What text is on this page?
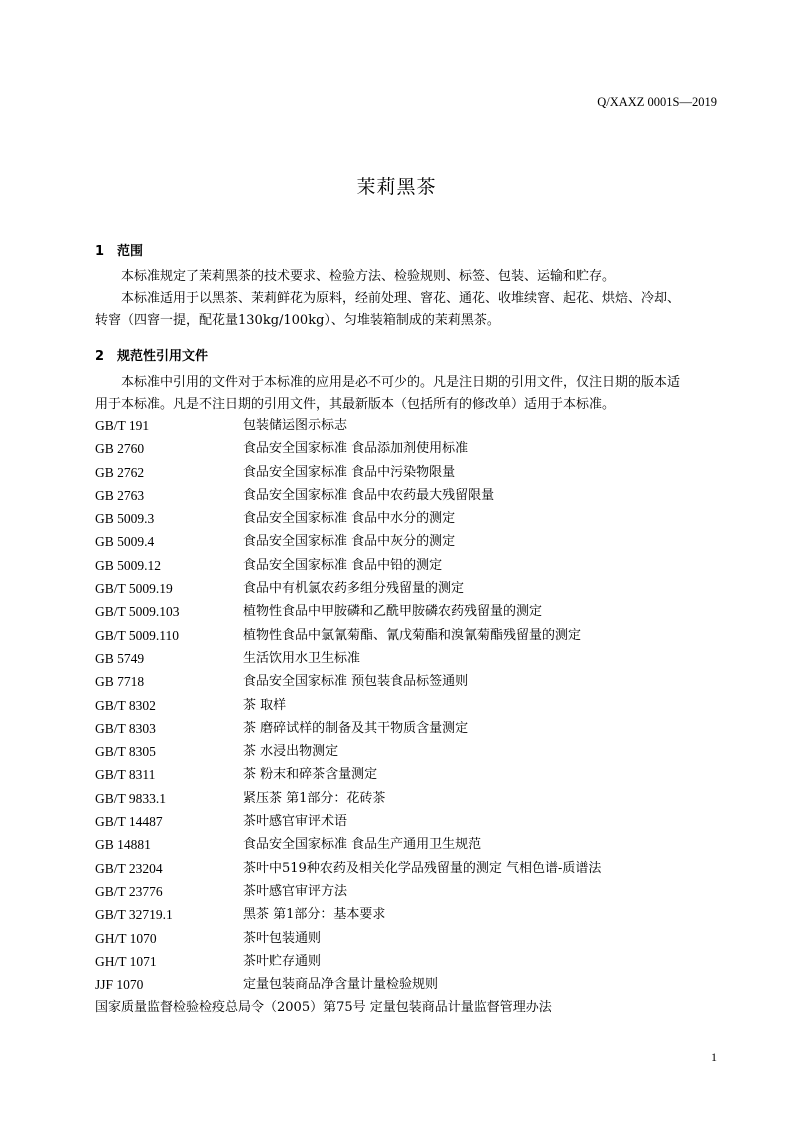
Q/XAXZ 0001S—2019
茉莉黑茶
1 范围
本标准规定了茉莉黑茶的技术要求、检验方法、检验规则、标签、包装、运输和贮存。
本标准适用于以黑茶、茉莉鲜花为原料，经前处理、窨花、通花、收堆续窨、起花、烘焙、冷却、
转窨（四窨一提，配花量130kg/100kg）、匀堆装箱制成的茉莉黑茶。
2 规范性引用文件
本标准中引用的文件对于本标准的应用是必不可少的。凡是注日期的引用文件，仅注日期的版本适
用于本标准。凡是不注日期的引用文件，其最新版本（包括所有的修改单）适用于本标准。
GB/T 191	包装储运图示标志
GB 2760	食品安全国家标准 食品添加剂使用标准
GB 2762	食品安全国家标准 食品中污染物限量
GB 2763	食品安全国家标准 食品中农药最大残留限量
GB 5009.3	食品安全国家标准 食品中水分的测定
GB 5009.4	食品安全国家标准 食品中灰分的测定
GB 5009.12	食品安全国家标准 食品中铅的测定
GB/T 5009.19	食品中有机氯农药多组分残留量的测定
GB/T 5009.103	植物性食品中甲胺磷和乙酰甲胺磷农药残留量的测定
GB/T 5009.110	植物性食品中氯氰菊酯、氰戊菊酯和溴氰菊酯残留量的测定
GB 5749	生活饮用水卫生标准
GB 7718	食品安全国家标准 预包装食品标签通则
GB/T 8302	茶 取样
GB/T 8303	茶 磨碎试样的制备及其干物质含量测定
GB/T 8305	茶 水浸出物测定
GB/T 8311	茶 粉末和碎茶含量测定
GB/T 9833.1	紧压茶 第1部分：花砖茶
GB/T 14487	茶叶感官审评术语
GB 14881	食品安全国家标准 食品生产通用卫生规范
GB/T 23204	茶叶中519种农药及相关化学品残留量的测定 气相色谱-质谱法
GB/T 23776	茶叶感官审评方法
GB/T 32719.1	黑茶 第1部分：基本要求
GH/T 1070	茶叶包装通则
GH/T 1071	茶叶贮存通则
JJF 1070	定量包装商品净含量计量检验规则
国家质量监督检验检疫总局令（2005）第75号 定量包装商品计量监督管理办法
1
